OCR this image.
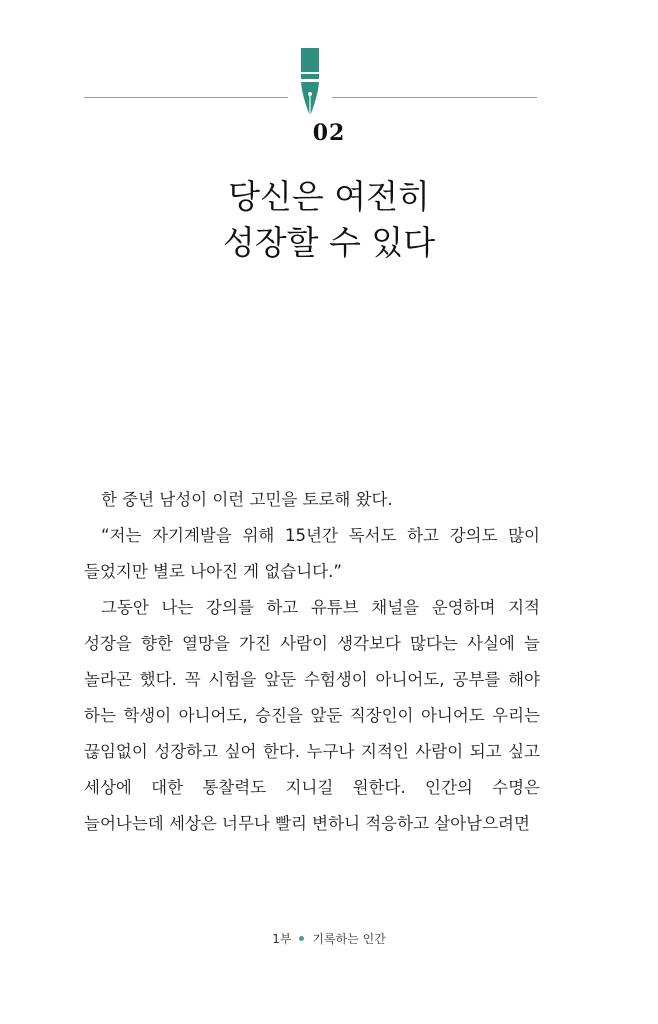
02
당신은 여전히
성장할 수 있다

한 중년 남성이 이런 고민을 토로해 왔다.

“저는 자기계발을 위해 15년간 독서도 하고 강의도 많이 들었지만 별로 나아진 게 없습니다.”

그동안 나는 강의를 하고 유튜브 채널을 운영하며 지적 성장을 향한 열망을 가진 사람이 생각보다 많다는 사실에 늘 놀라곤 했다. 꼭 시험을 앞둔 수험생이 아니어도, 공부를 해야 하는 학생이 아니어도, 승진을 앞둔 직장인이 아니어도 우리는 끊임없이 성장하고 싶어 한다. 누구나 지적인 사람이 되고 싶고 세상에 대한 통찰력도 지니길 원한다. 인간의 수명은 늘어나는데 세상은 너무나 빨리 변하니 적응하고 살아남으려면

1부 기록하는 인간
